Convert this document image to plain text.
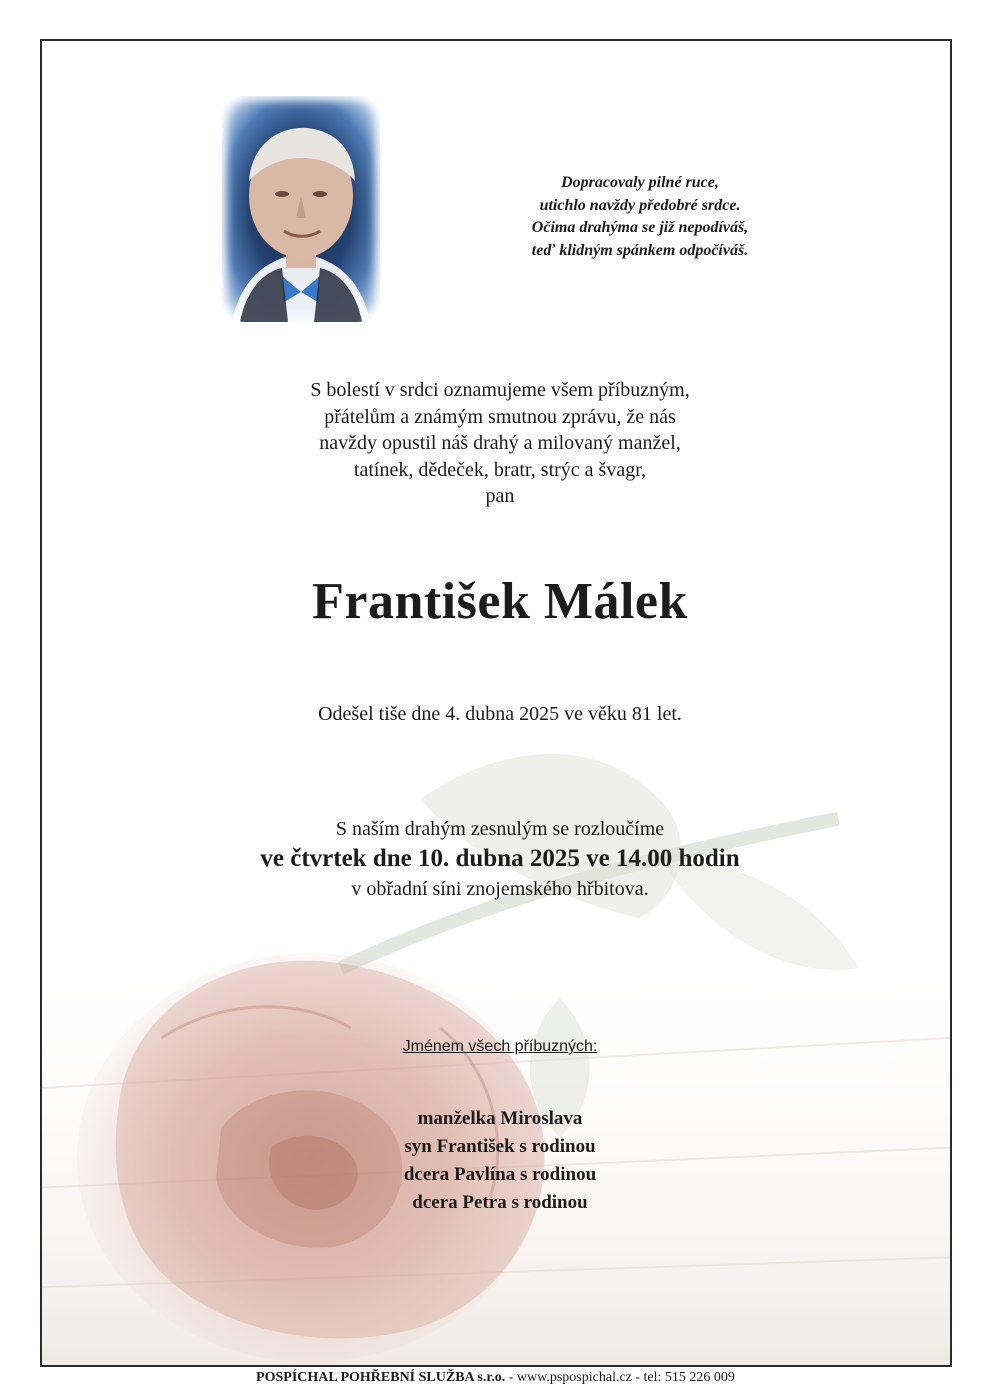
Dopracovaly pilné ruce,
utichlo navždy předobré srdce.
Očima drahýma se již nepodíváš,
teď klidným spánkem odpočíváš.
S bolestí v srdci oznamujeme všem příbuzným,
přátelům a známým smutnou zprávu, že nás
navždy opustil náš drahý a milovaný manžel,
tatínek, dědeček, bratr, strýc a švagr,
pan
František Málek
Odešel tiše dne 4. dubna 2025 ve věku 81 let.
S naším drahým zesnulým se rozloučíme
ve čtvrtek dne 10. dubna 2025 ve 14.00 hodin
v obřadní síni znojemského hřbitova.
Jménem všech příbuzných:
manželka Miroslava
syn František s rodinou
dcera Pavlína s rodinou
dcera Petra s rodinou
POSPÍCHAL POHŘEBNÍ SLUŽBA s.r.o. - www.pspospichal.cz - tel: 515 226 009
